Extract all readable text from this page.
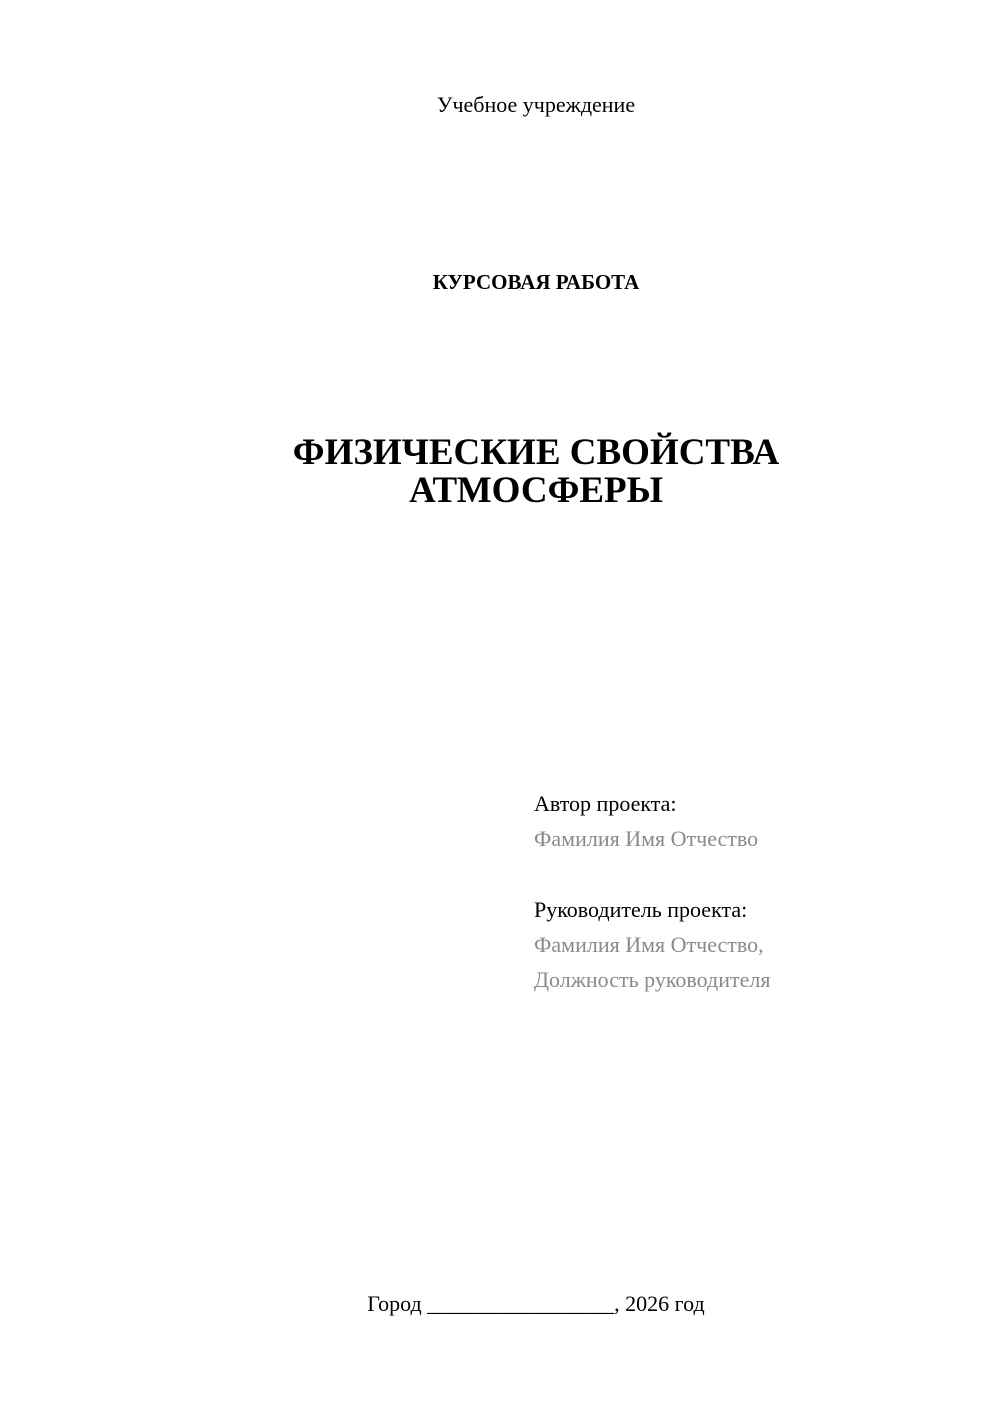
Учебное учреждение
КУРСОВАЯ РАБОТА
ФИЗИЧЕСКИЕ СВОЙСТВА
АТМОСФЕРЫ
Автор проекта:
Фамилия Имя Отчество
Руководитель проекта:
Фамилия Имя Отчество,
Должность руководителя
Город _________________, 2026 год
